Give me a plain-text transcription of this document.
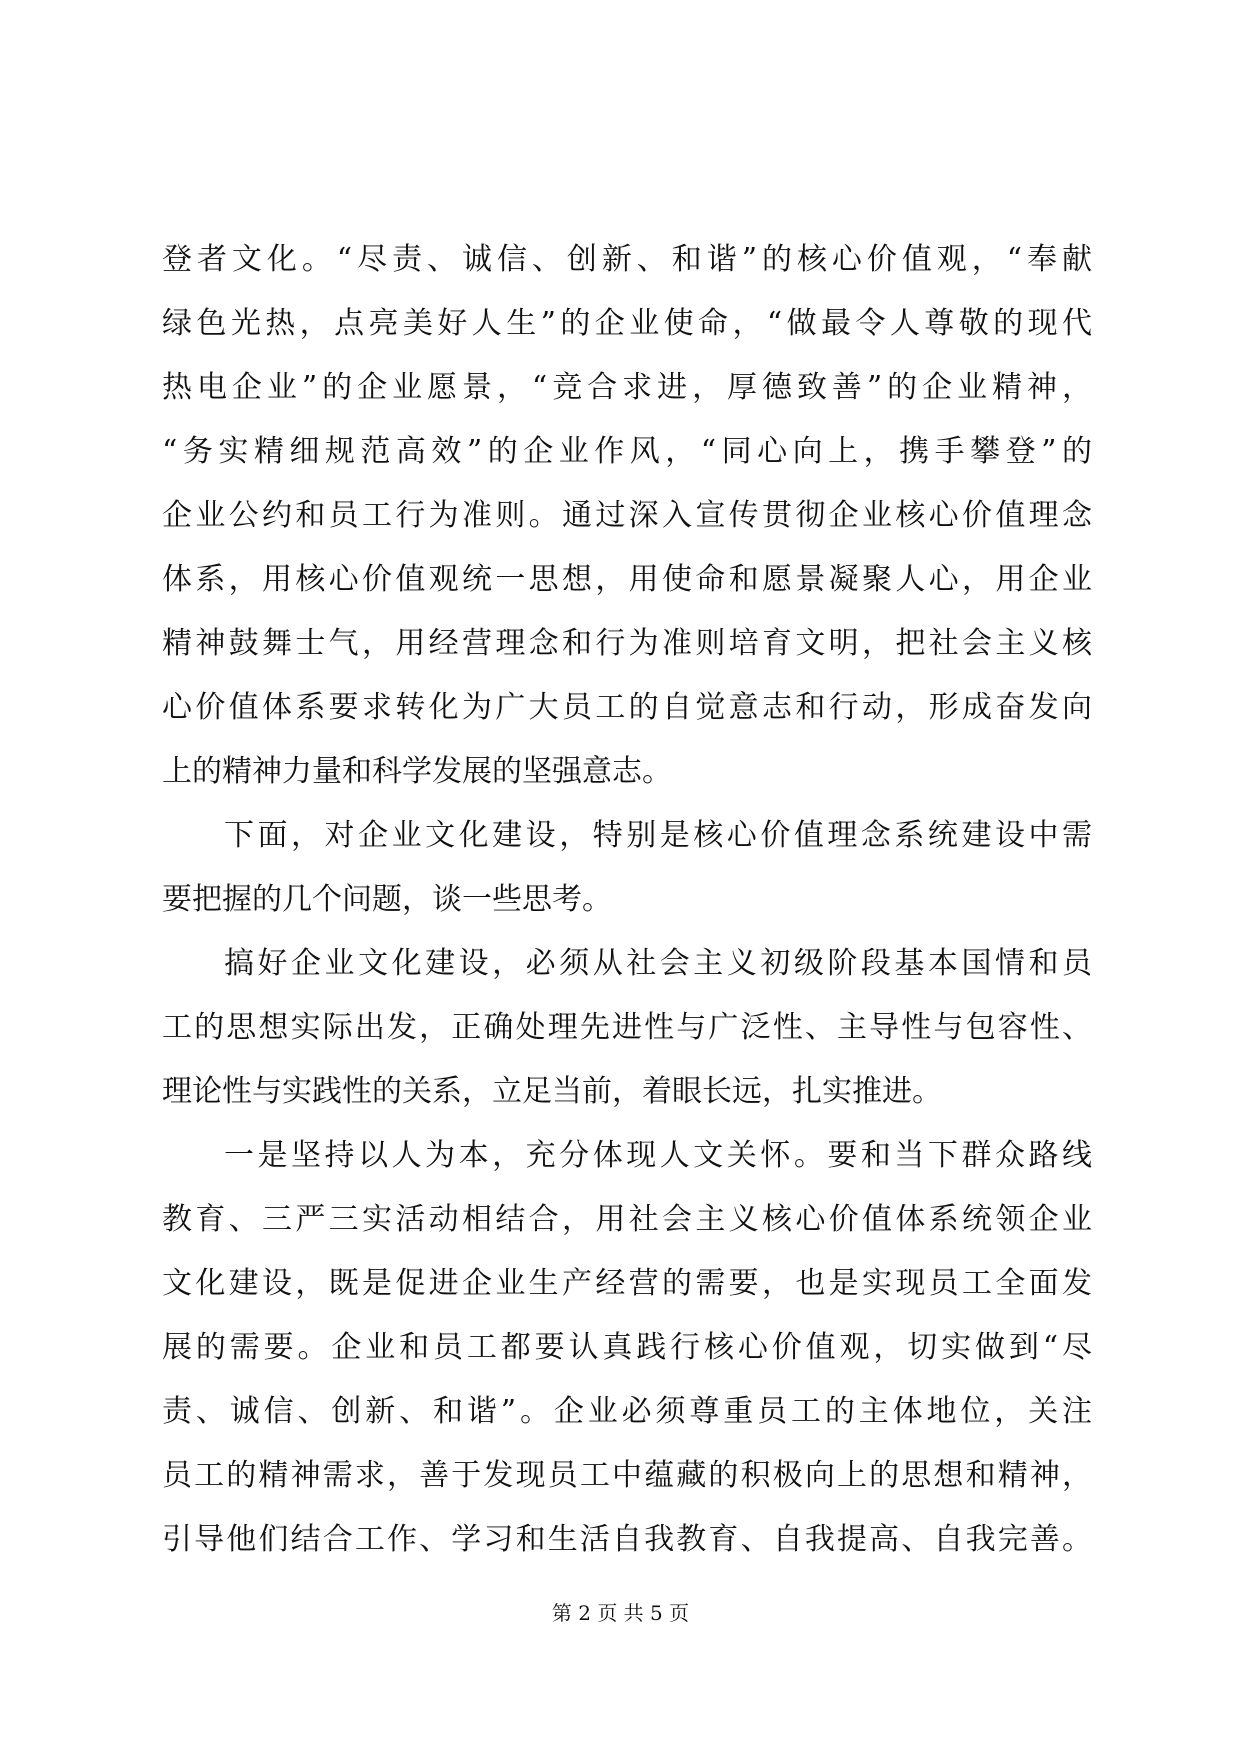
登者文化。“尽责、诚信、创新、和谐”的核心价值观，“奉献
绿色光热，点亮美好人生”的企业使命，“做最令人尊敬的现代
热电企业”的企业愿景，“竞合求进，厚德致善”的企业精神，
“务实精细规范高效”的企业作风，“同心向上，携手攀登”的
企业公约和员工行为准则。通过深入宣传贯彻企业核心价值理念
体系，用核心价值观统一思想，用使命和愿景凝聚人心，用企业
精神鼓舞士气，用经营理念和行为准则培育文明，把社会主义核
心价值体系要求转化为广大员工的自觉意志和行动，形成奋发向
上的精神力量和科学发展的坚强意志。
下面，对企业文化建设，特别是核心价值理念系统建设中需
要把握的几个问题，谈一些思考。
搞好企业文化建设，必须从社会主义初级阶段基本国情和员
工的思想实际出发，正确处理先进性与广泛性、主导性与包容性、
理论性与实践性的关系，立足当前，着眼长远，扎实推进。
一是坚持以人为本，充分体现人文关怀。要和当下群众路线
教育、三严三实活动相结合，用社会主义核心价值体系统领企业
文化建设，既是促进企业生产经营的需要，也是实现员工全面发
展的需要。企业和员工都要认真践行核心价值观，切实做到“尽
责、诚信、创新、和谐”。企业必须尊重员工的主体地位，关注
员工的精神需求，善于发现员工中蕴藏的积极向上的思想和精神，
引导他们结合工作、学习和生活自我教育、自我提高、自我完善。
第 2 页 共 5 页
